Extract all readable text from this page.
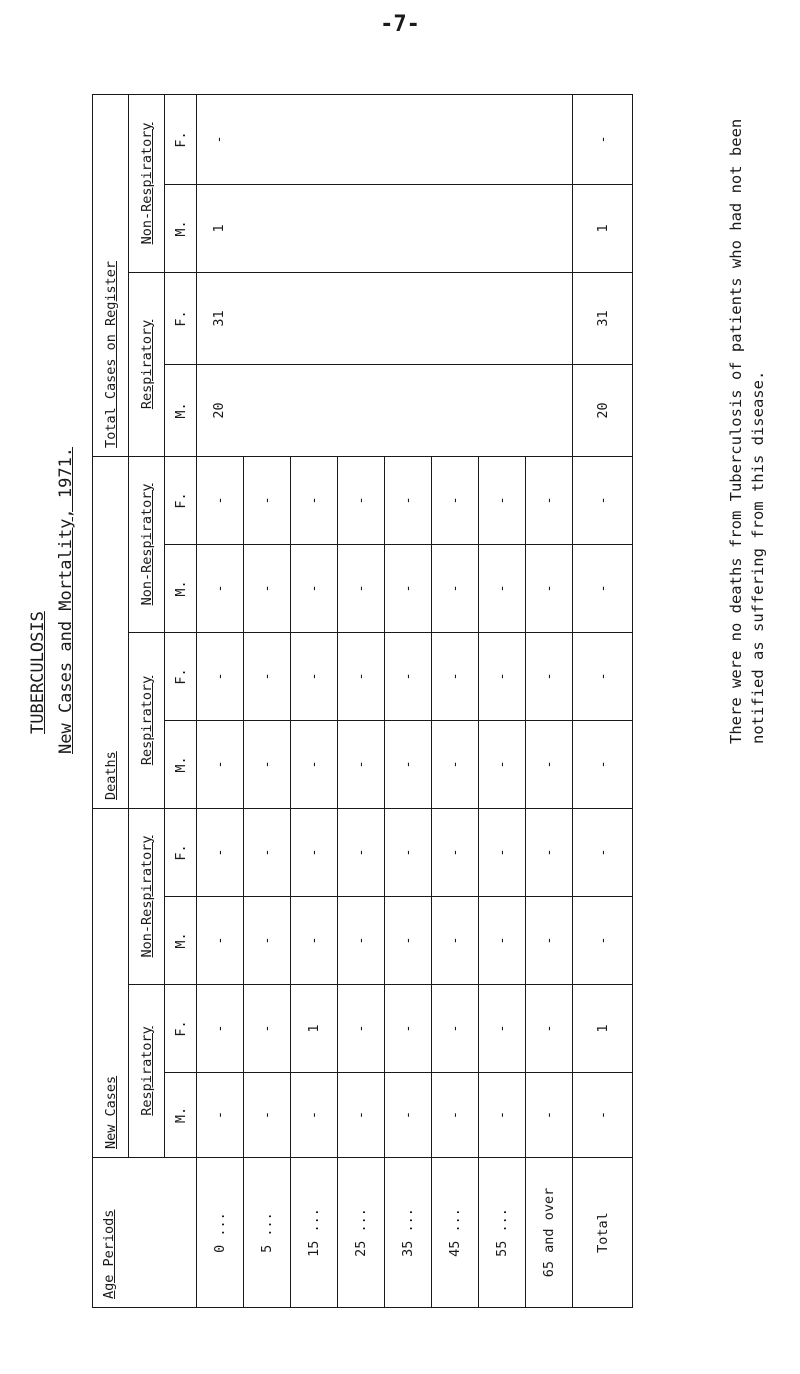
-7-
TUBERCULOSIS New Cases and Mortality, 1971.
Age Periods	New Cases				Deaths				Total Cases on Register			
	Respiratory		Non-Respiratory		Respiratory		Non-Respiratory		Respiratory		Non-Respiratory	
	M.	F.	M.	F.	M.	F.	M.	F.	M.	F.	M.	F.
0 ...	-	-	-	-	-	-	-	-	20	31	1	-
5 ...	-	-	-	-	-	-	-	-				
15 ...	-	1	-	-	-	-	-	-				
25 ...	-	-	-	-	-	-	-	-				
35 ...	-	-	-	-	-	-	-	-				
45 ...	-	-	-	-	-	-	-	-				
55 ...	-	-	-	-	-	-	-	-				
65 and over	-	-	-	-	-	-	-	-				
Total	-	1	-	-	-	-	-	-	20	31	1	-	There were no deaths from Tuberculosis of patients who had not been notified as suffering from this disease.
